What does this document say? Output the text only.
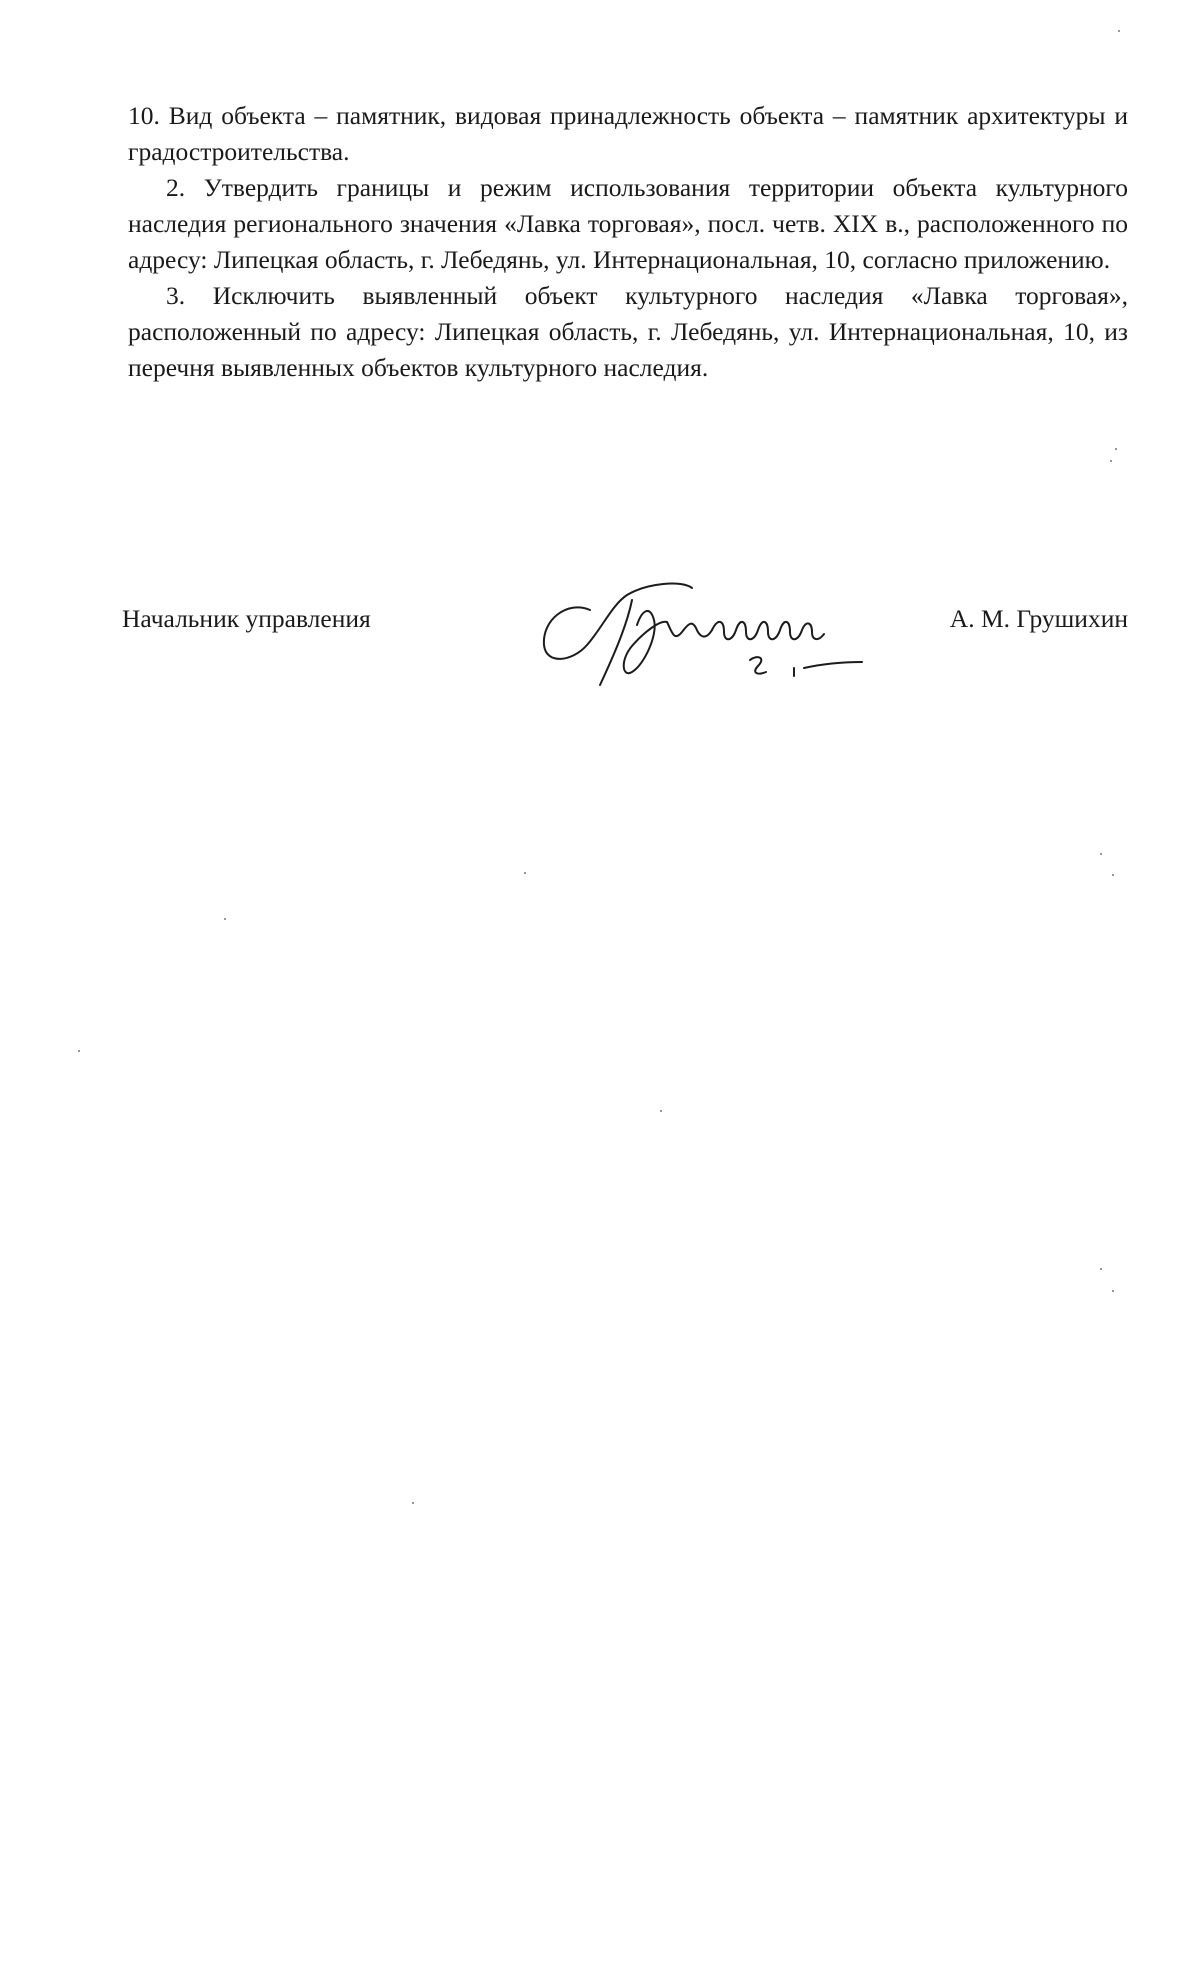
10. Вид объекта – памятник, видовая принадлежность объекта – памятник архитектуры и градостроительства.

2. Утвердить границы и режим использования территории объекта культурного наследия регионального значения «Лавка торговая», посл. четв. XIX в., расположенного по адресу: Липецкая область, г. Лебедянь, ул. Интернациональная, 10, согласно приложению.

3. Исключить выявленный объект культурного наследия «Лавка торговая», расположенный по адресу: Липецкая область, г. Лебедянь, ул. Интернациональная, 10, из перечня выявленных объектов культурного наследия.

Начальник управления	А. М. Грушихин
